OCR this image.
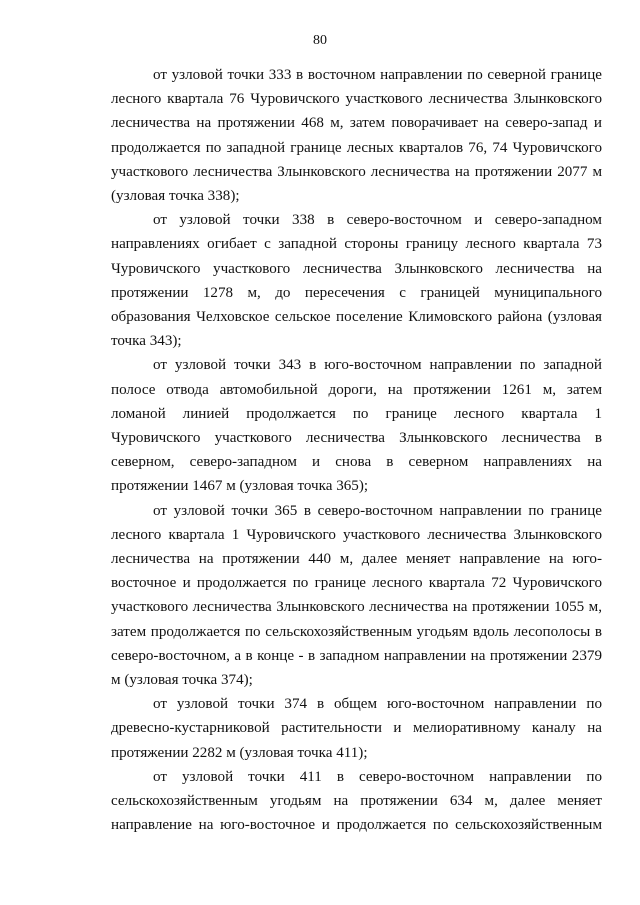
80

от узловой точки 333 в восточном направлении по северной границе лесного квартала 76 Чуровичского участкового лесничества Злынковского лесничества на протяжении 468 м, затем поворачивает на северо-запад и продолжается по западной границе лесных кварталов 76, 74 Чуровичского участкового лесничества Злынковского лесничества на протяжении 2077 м (узловая точка 338);

от узловой точки 338 в северо-восточном и северо-западном направлениях огибает с западной стороны границу лесного квартала 73 Чуровичского участкового лесничества Злынковского лесничества на протяжении 1278 м, до пересечения с границей муниципального образования Челховское сельское поселение Климовского района (узловая точка 343);

от узловой точки 343 в юго-восточном направлении по западной полосе отвода автомобильной дороги, на протяжении 1261 м, затем ломаной линией продолжается по границе лесного квартала 1 Чуровичского участкового лесничества Злынковского лесничества в северном, северо-западном и снова в северном направлениях на протяжении 1467 м (узловая точка 365);

от узловой точки 365 в северо-восточном направлении по границе лесного квартала 1 Чуровичского участкового лесничества Злынковского лесничества на протяжении 440 м, далее меняет направление на юго-восточное и продолжается по границе лесного квартала 72 Чуровичского участкового лесничества Злынковского лесничества на протяжении 1055 м, затем продолжается по сельскохозяйственным угодьям вдоль лесополосы в северо-восточном, а в конце - в западном направлении на протяжении 2379 м (узловая точка 374);

от узловой точки 374 в общем юго-восточном направлении по древесно-кустарниковой растительности и мелиоративному каналу на протяжении 2282 м (узловая точка 411);

от узловой точки 411 в северо-восточном направлении по сельскохозяйственным угодьям на протяжении 634 м, далее меняет направление на юго-восточное и продолжается по сельскохозяйственным
